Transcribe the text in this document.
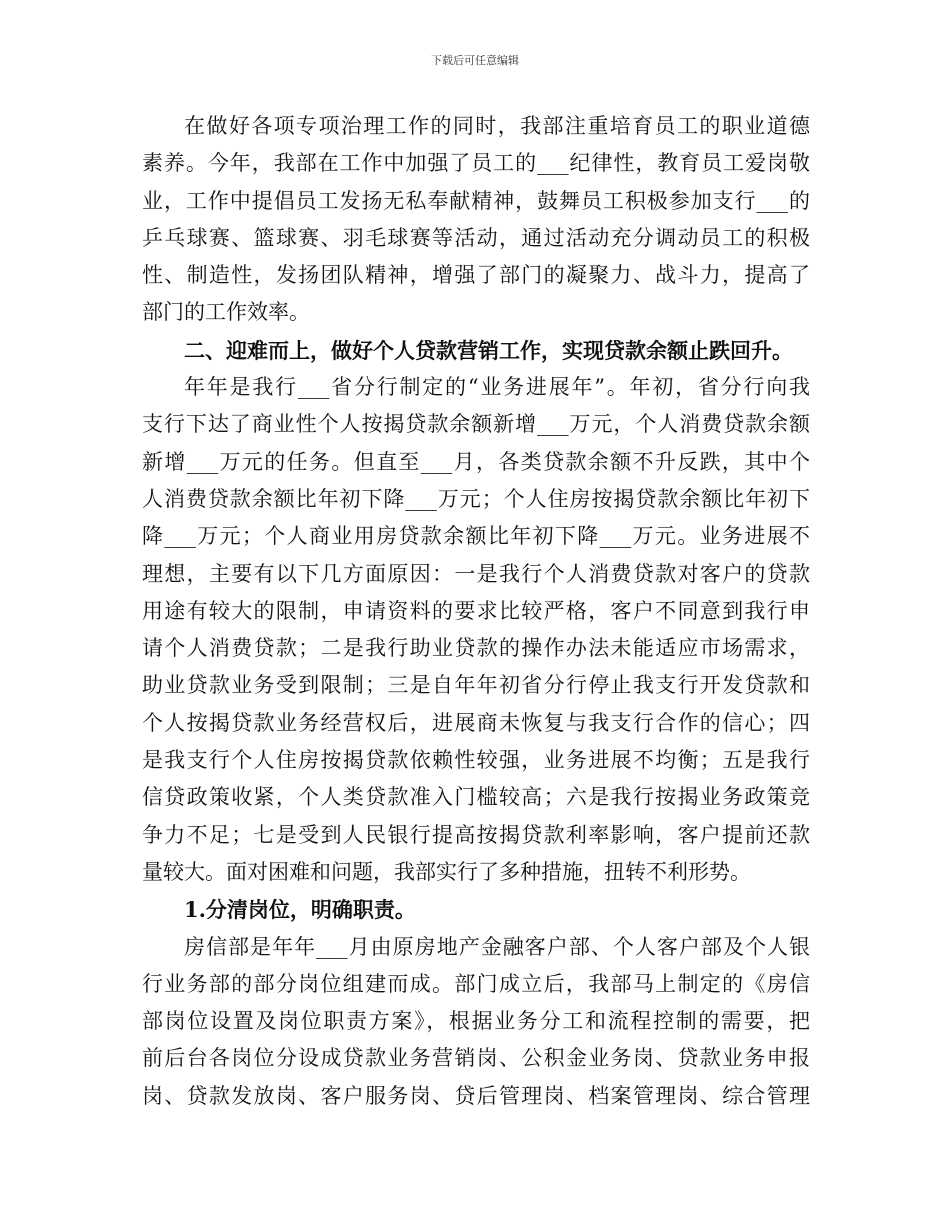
下载后可任意编辑
在做好各项专项治理工作的同时，我部注重培育员工的职业道德
素养。今年，我部在工作中加强了员工的___纪律性，教育员工爱岗敬
业，工作中提倡员工发扬无私奉献精神，鼓舞员工积极参加支行___的
乒乓球赛、篮球赛、羽毛球赛等活动，通过活动充分调动员工的积极
性、制造性，发扬团队精神，增强了部门的凝聚力、战斗力，提高了
部门的工作效率。
二、迎难而上，做好个人贷款营销工作，实现贷款余额止跌回升。
年年是我行___省分行制定的“业务进展年”。年初，省分行向我
支行下达了商业性个人按揭贷款余额新增___万元，个人消费贷款余额
新增___万元的任务。但直至___月，各类贷款余额不升反跌，其中个
人消费贷款余额比年初下降___万元；个人住房按揭贷款余额比年初下
降___万元；个人商业用房贷款余额比年初下降___万元。业务进展不
理想，主要有以下几方面原因：一是我行个人消费贷款对客户的贷款
用途有较大的限制，申请资料的要求比较严格，客户不同意到我行申
请个人消费贷款；二是我行助业贷款的操作办法未能适应市场需求，
助业贷款业务受到限制；三是自年年初省分行停止我支行开发贷款和
个人按揭贷款业务经营权后，进展商未恢复与我支行合作的信心；四
是我支行个人住房按揭贷款依赖性较强，业务进展不均衡；五是我行
信贷政策收紧，个人类贷款准入门槛较高；六是我行按揭业务政策竞
争力不足；七是受到人民银行提高按揭贷款利率影响，客户提前还款
量较大。面对困难和问题，我部实行了多种措施，扭转不利形势。
1.分清岗位，明确职责。
房信部是年年___月由原房地产金融客户部、个人客户部及个人银
行业务部的部分岗位组建而成。部门成立后，我部马上制定的《房信
部岗位设置及岗位职责方案》，根据业务分工和流程控制的需要，把
前后台各岗位分设成贷款业务营销岗、公积金业务岗、贷款业务申报
岗、贷款发放岗、客户服务岗、贷后管理岗、档案管理岗、综合管理
